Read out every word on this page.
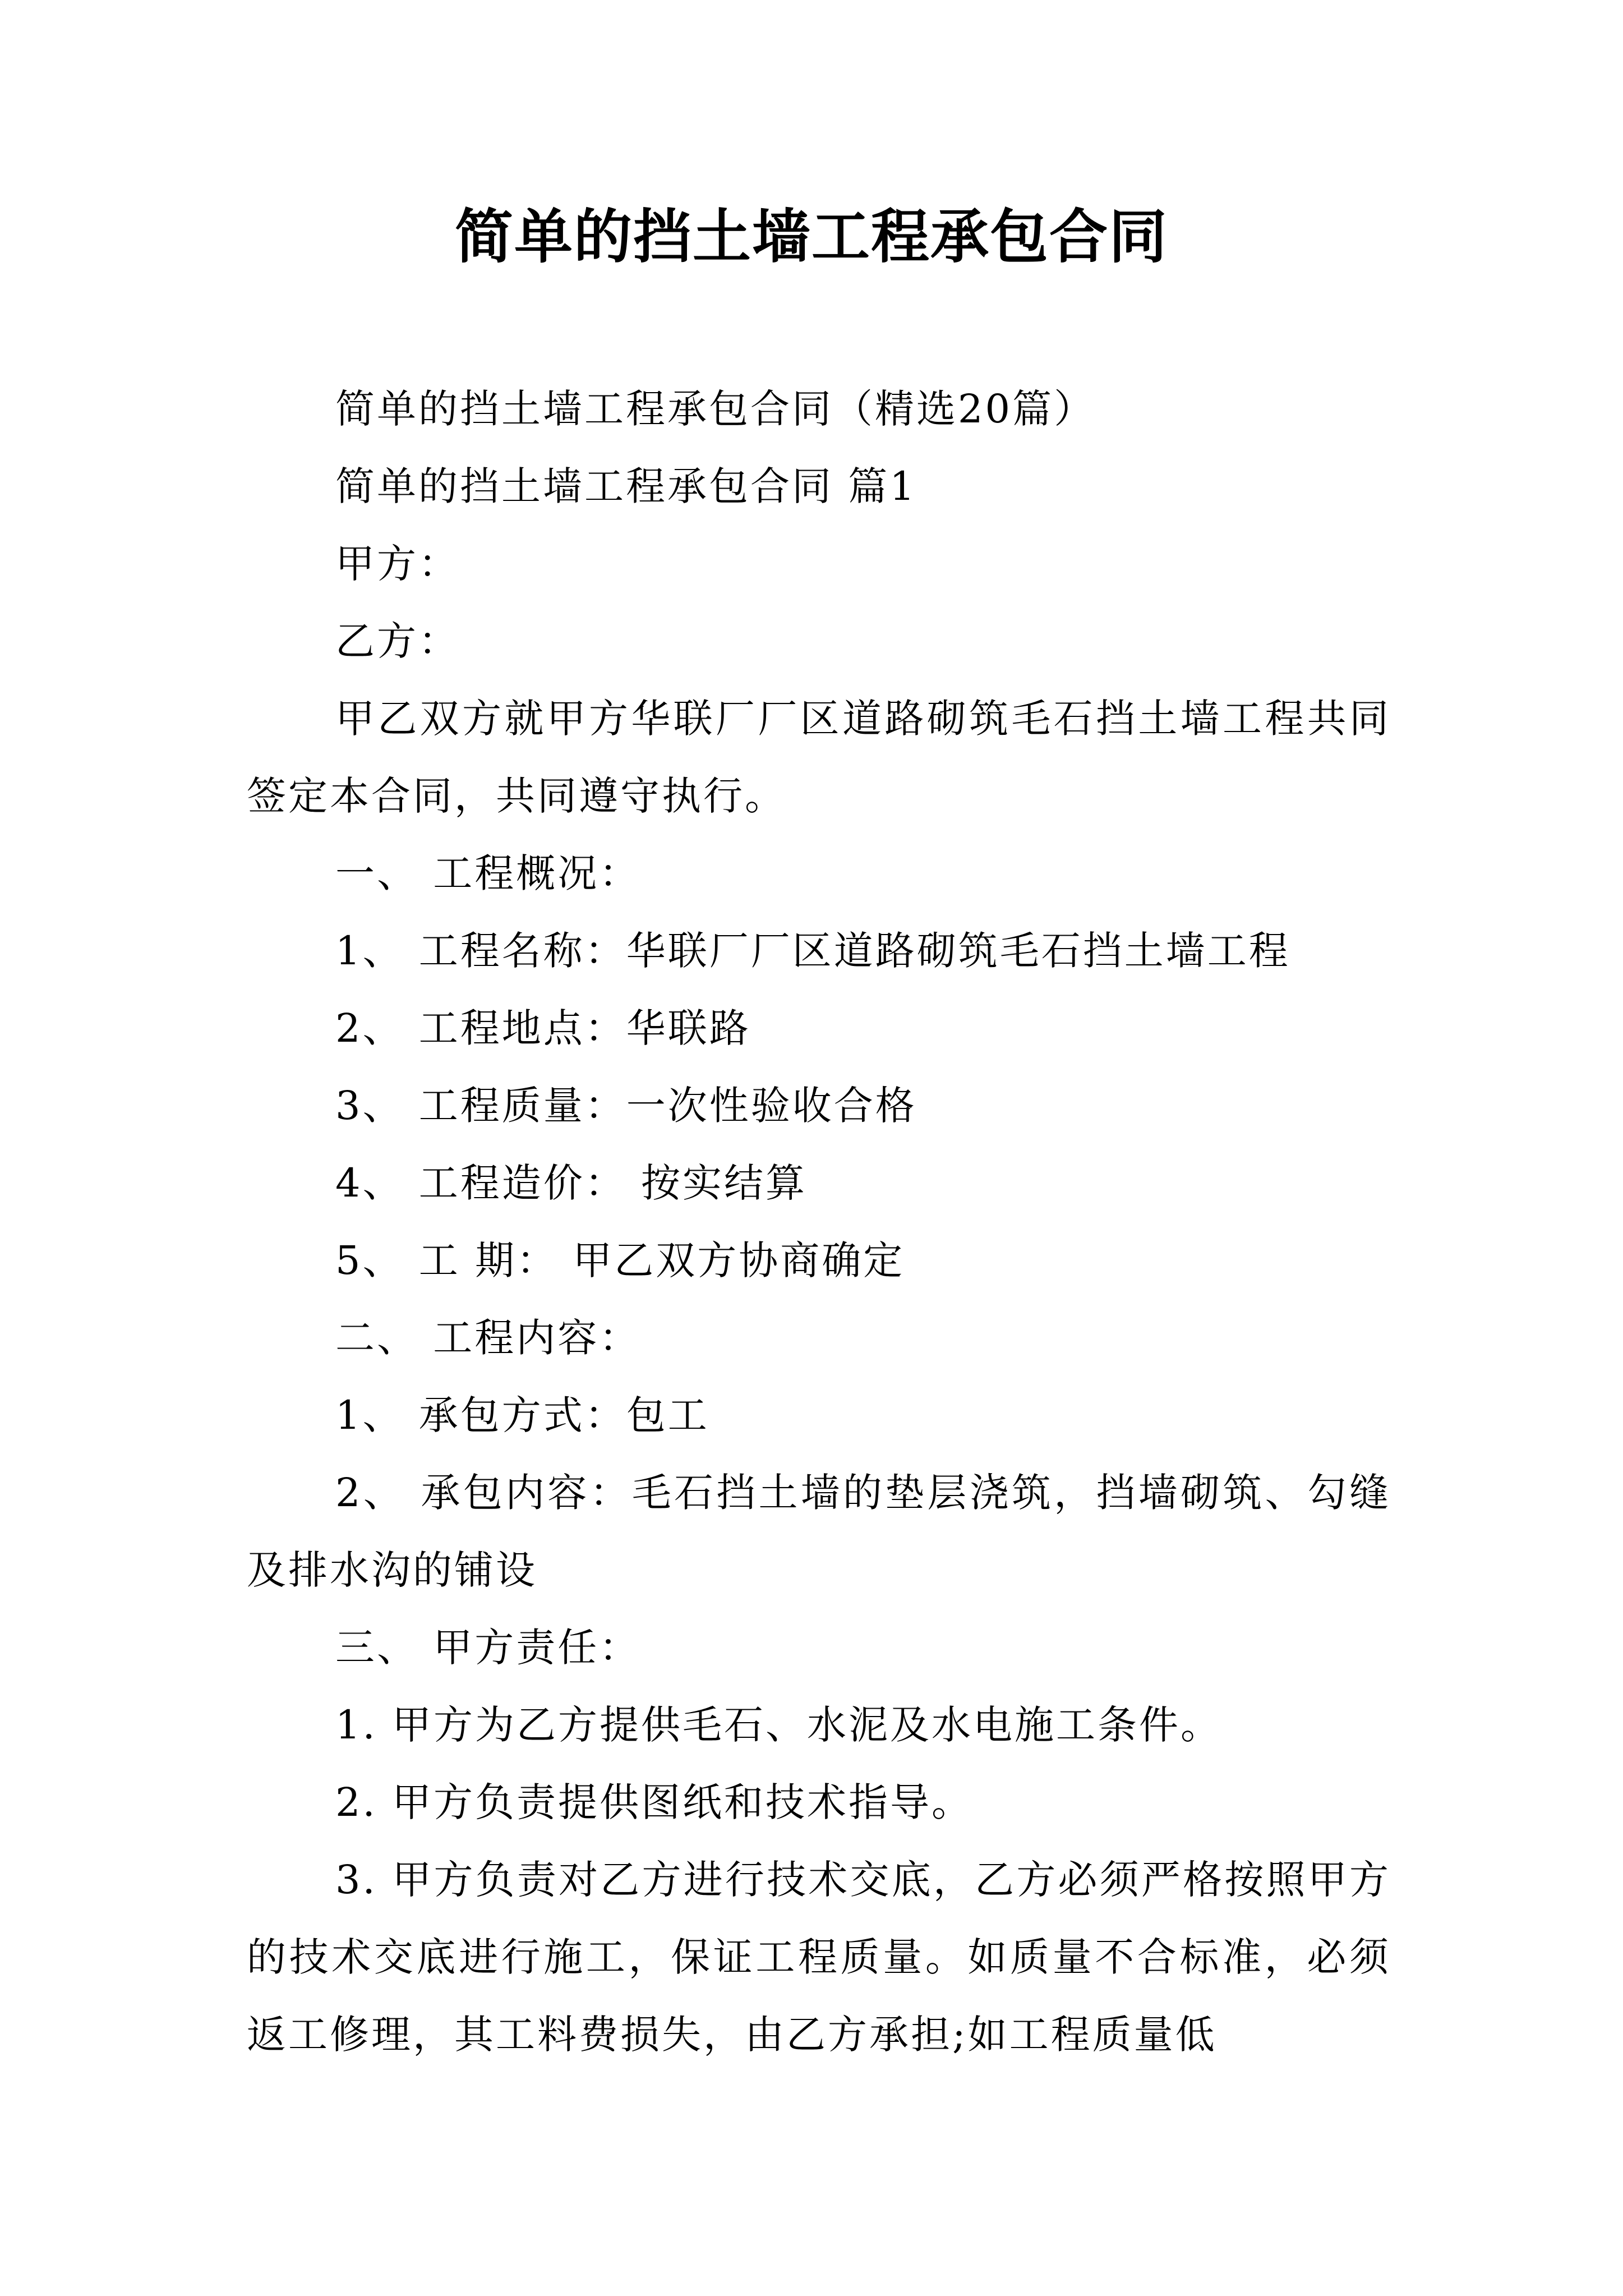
简单的挡土墙工程承包合同

简单的挡土墙工程承包合同（精选20篇）

简单的挡土墙工程承包合同 篇1

甲方：

乙方：

甲乙双方就甲方华联厂厂区道路砌筑毛石挡土墙工程共同签定本合同，共同遵守执行。

一、 工程概况：

1、 工程名称：华联厂厂区道路砌筑毛石挡土墙工程

2、 工程地点：华联路

3、 工程质量：一次性验收合格

4、 工程造价： 按实结算

5、 工 期： 甲乙双方协商确定

二、 工程内容：

1、 承包方式：包工

2、 承包内容：毛石挡土墙的垫层浇筑，挡墙砌筑、勾缝及排水沟的铺设

三、 甲方责任：

1. 甲方为乙方提供毛石、水泥及水电施工条件。

2. 甲方负责提供图纸和技术指导。

3. 甲方负责对乙方进行技术交底，乙方必须严格按照甲方的技术交底进行施工，保证工程质量。如质量不合标准，必须返工修理，其工料费损失，由乙方承担;如工程质量低
